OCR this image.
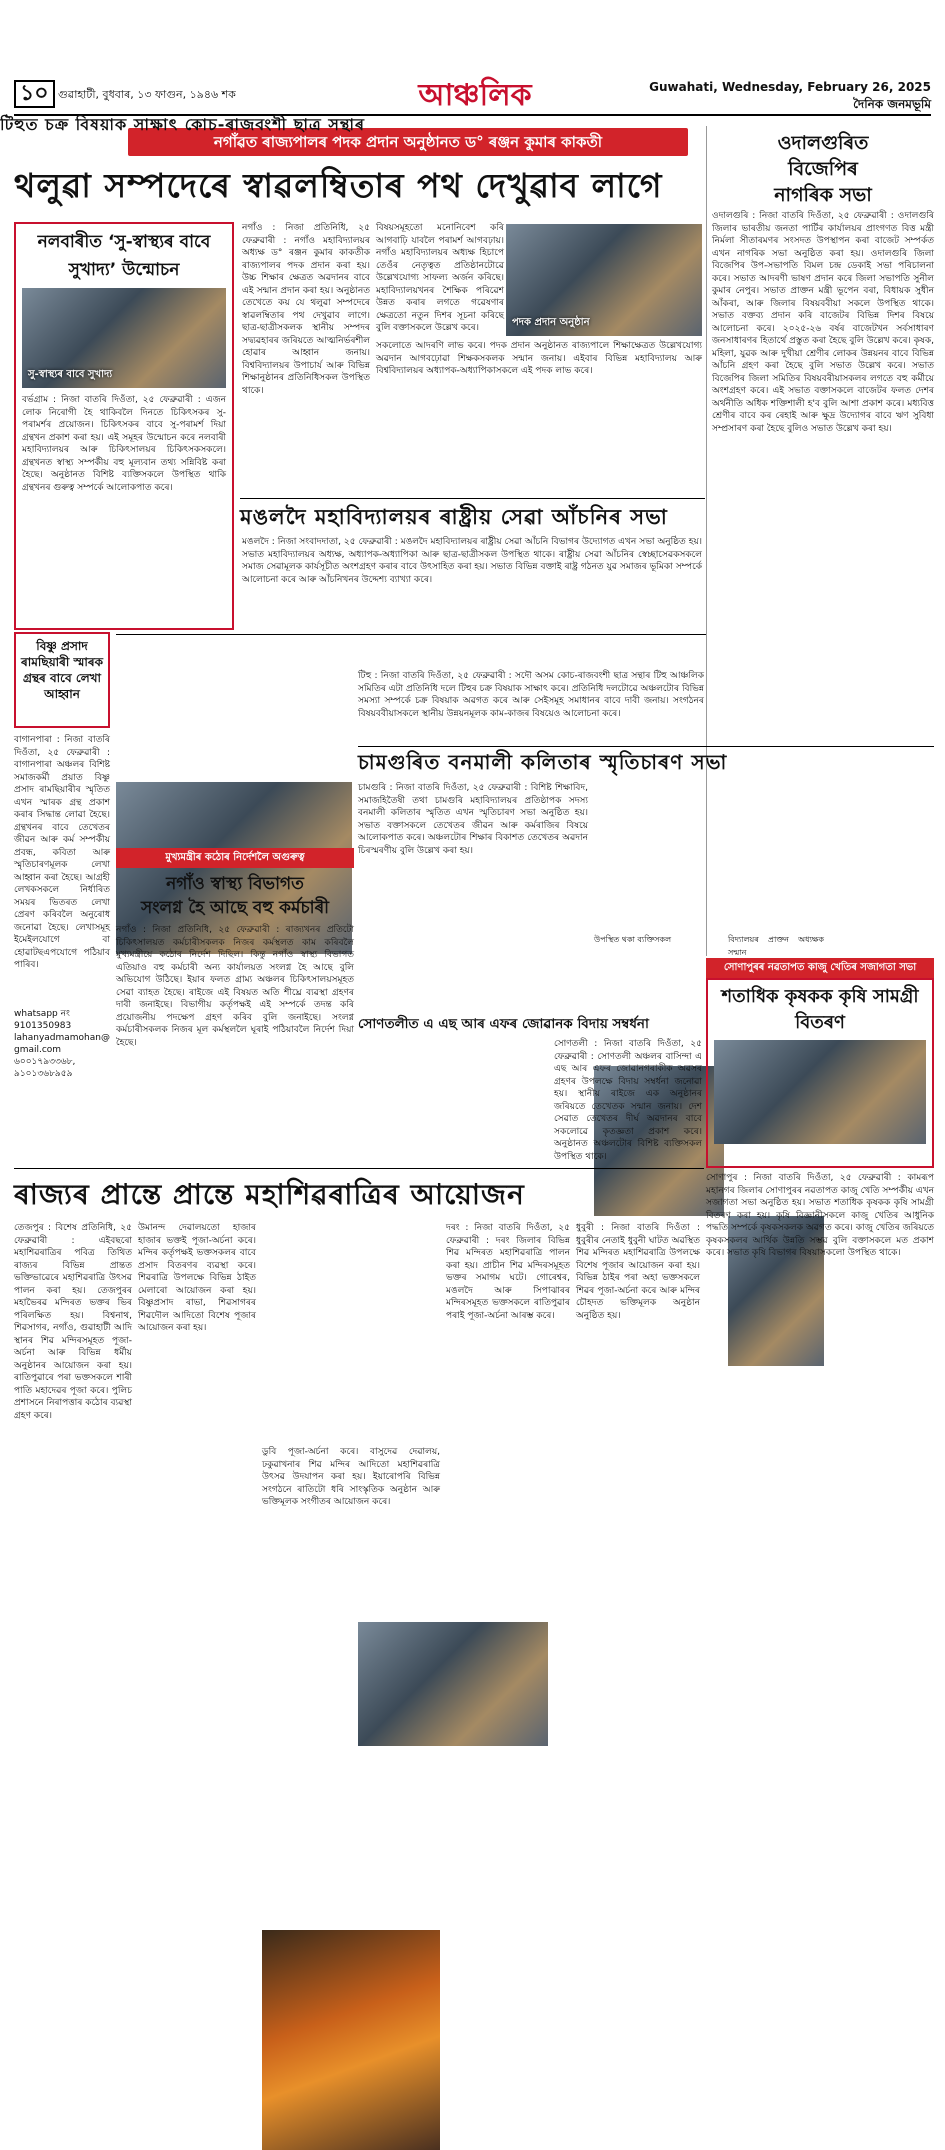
১০ গুৱাহাটী, বুধবাৰ, ১৩ ফাগুন, ১৯৪৬ শক	আঞ্চলিক	Guwahati, Wednesday, February 26, 2025
দৈনিক জনমভূমি
নগাঁৱত ৰাজ্যপালৰ পদক প্ৰদান অনুষ্ঠানত ড° ৰঞ্জন কুমাৰ কাকতী
থলুৱা সম্পদেৰে স্বাৱলম্বিতাৰ পথ দেখুৱাব লাগে
ওদালগুৰিত
বিজেপিৰ
নাগৰিক সভা
ওদালগুৰি : নিজা বাতৰি দিওঁতা, ২৫ ফেব্ৰুৱাৰী : ওদালগুৰি জিলাৰ ভাৰতীয় জনতা পাৰ্টিৰ কাৰ্যালয়ৰ প্ৰাংগণত বিত্ত মন্ত্ৰী নিৰ্মলা সীতাৰমণৰ সংসদত উপস্থাপন কৰা বাজেট সম্পৰ্কত এখন নাগৰিক সভা অনুষ্ঠিত কৰা হয়। ওদালগুৰি জিলা বিজেপিৰ উপ-সভাপতি বিমল চন্দ্ৰ ডেকাই সভা পৰিচালনা কৰে। সভাত আদৰণী ভাষণ প্ৰদান কৰে জিলা সভাপতি সুনীল কুমাৰ নেপুৰ। সভাত প্ৰাক্তন মন্ত্ৰী ভূপেন বৰা, বিধায়ক সুধীন আঁকৰা, আৰু জিলাৰ বিষয়ববীয়া সকলে উপস্থিত থাকে। সভাত বক্তব্য প্ৰদান কৰি বাজেটৰ বিভিন্ন দিশৰ বিষয়ে আলোচনা কৰে। ২০২৫-২৬ বৰ্ষৰ বাজেটখন সৰ্বসাধাৰণ জনসাধাৰণৰ হিতাৰ্থে প্ৰস্তুত কৰা হৈছে বুলি উল্লেখ কৰে। কৃষক, মহিলা, যুৱক আৰু দুখীয়া শ্ৰেণীৰ লোকৰ উন্নয়নৰ বাবে বিভিন্ন আঁচনি গ্ৰহণ কৰা হৈছে বুলি সভাত উল্লেখ কৰে। সভাত বিজেপিৰ জিলা সমিতিৰ বিষয়বৰীয়াসকলৰ লগতে বহু কৰ্মীয়ে অংশগ্ৰহণ কৰে। এই সভাত বক্তাসকলে বাজেটৰ ফলত দেশৰ অৰ্থনীতি অধিক শক্তিশালী হ'ব বুলি আশা প্ৰকাশ কৰে। মধ্যবিত্ত শ্ৰেণীৰ বাবে কৰ ৰেহাই আৰু ক্ষুদ্ৰ উদ্যোগৰ বাবে ঋণ সুবিধা সম্প্ৰসাৰণ কৰা হৈছে বুলিও সভাত উল্লেখ কৰা হয়।
নলবাৰীত ‘সু-স্বাস্থ্যৰ বাবে সুখাদ্য’ উন্মোচন
সু-স্বাস্থ্যৰ বাবে সুখাদ্য
বৰ্ভগ্ৰাম : নিজা বাতৰি দিওঁতা, ২৫ ফেব্ৰুৱাৰী : এজন লোক নিৰোগী হৈ থাকিবলৈ দিনতে চিকিৎসকৰ সু-পৰামৰ্শৰ প্ৰয়োজন। চিকিৎসকৰ বাবে সু-পৰামৰ্শ দিয়া গ্ৰন্থখন প্ৰকাশ কৰা হয়। এই সমূহৰ উন্মোচন কৰে নলবাৰী মহাবিদ্যালয়ৰ আৰু চিকিৎসালয়ৰ চিকিৎসকসকলে। গ্ৰন্থখনত স্বাস্থ্য সম্পৰ্কীয় বহু মূল্যবান তথ্য সন্নিবিষ্ট কৰা হৈছে। অনুষ্ঠানত বিশিষ্ট ব্যক্তিসকলে উপস্থিত থাকি গ্ৰন্থখনৰ গুৰুত্ব সম্পৰ্কে আলোকপাত কৰে।
নগাঁও : নিজা প্ৰতিনিধি, ২৫ ফেব্ৰুৱাৰী : নগাঁও মহাবিদ্যালয়ৰ অধ্যক্ষ ড° ৰঞ্জন কুমাৰ কাকতীক ৰাজ্যপালৰ পদক প্ৰদান কৰা হয়। উচ্চ শিক্ষাৰ ক্ষেত্ৰত অৱদানৰ বাবে এই সন্মান প্ৰদান কৰা হয়। অনুষ্ঠানত তেখেতে কয় যে থলুৱা সম্পদেৰে স্বাৱলম্বিতাৰ পথ দেখুৱাব লাগে। ছাত্ৰ-ছাত্ৰীসকলক স্থানীয় সম্পদৰ সদ্ব্যৱহাৰৰ জৰিয়তে আত্মনিৰ্ভৰশীল হোৱাৰ আহ্বান জনায়। বিশ্ববিদ্যালয়ৰ উপাচাৰ্য আৰু বিভিন্ন শিক্ষানুষ্ঠানৰ প্ৰতিনিধিসকল উপস্থিত থাকে।
বিষয়সমূহতো মনোনিবেশ কৰি আগবাঢ়ি যাবলৈ পৰামৰ্শ আগবঢ়ায়। নগাঁও মহাবিদ্যালয়ৰ অধ্যক্ষ হিচাপে তেওঁৰ নেতৃত্বত প্ৰতিষ্ঠানটোৱে উল্লেখযোগ্য সাফল্য অৰ্জন কৰিছে। মহাবিদ্যালয়খনৰ শৈক্ষিক পৰিৱেশ উন্নত কৰাৰ লগতে গৱেষণাৰ ক্ষেত্ৰতো নতুন দিশৰ সূচনা কৰিছে বুলি বক্তাসকলে উল্লেখ কৰে।	পদক প্ৰদান অনুষ্ঠান
সকলোতে আদৰণি লাভ কৰে। পদক প্ৰদান অনুষ্ঠানত ৰাজ্যপালে শিক্ষাক্ষেত্ৰত উল্লেখযোগ্য অৱদান আগবঢ়োৱা শিক্ষকসকলক সন্মান জনায়। এইবাৰ বিভিন্ন মহাবিদ্যালয় আৰু বিশ্ববিদ্যালয়ৰ অধ্যাপক-অধ্যাপিকাসকলে এই পদক লাভ কৰে।
মঙলদৈ মহাবিদ্যালয়ৰ ৰাষ্ট্ৰীয় সেৱা আঁচনিৰ সভা
মঙলদৈ : নিজা সংবাদদাতা, ২৫ ফেব্ৰুৱাৰী : মঙলদৈ মহাবিদ্যালয়ৰ ৰাষ্ট্ৰীয় সেৱা আঁচনি বিভাগৰ উদ্যোগত এখন সভা অনুষ্ঠিত হয়। সভাত মহাবিদ্যালয়ৰ অধ্যক্ষ, অধ্যাপক-অধ্যাপিকা আৰু ছাত্ৰ-ছাত্ৰীসকল উপস্থিত থাকে। ৰাষ্ট্ৰীয় সেৱা আঁচনিৰ স্বেচ্ছাসেৱকসকলে সমাজ সেৱামূলক কাৰ্যসূচীত অংশগ্ৰহণ কৰাৰ বাবে উৎসাহিত কৰা হয়। সভাত বিভিন্ন বক্তাই ৰাষ্ট্ৰ গঠনত যুৱ সমাজৰ ভূমিকা সম্পৰ্কে আলোচনা কৰে আৰু আঁচনিখনৰ উদ্দেশ্য ব্যাখ্যা কৰে।
টিহুত চক্ৰ বিষয়াক সাক্ষাৎ কোচ-ৰাজবংশী ছাত্ৰ সন্থাৰ
টিহু : নিজা বাতৰি দিওঁতা, ২৫ ফেব্ৰুৱাৰী : সদৌ অসম কোচ-ৰাজবংশী ছাত্ৰ সন্থাৰ টিহু আঞ্চলিক সমিতিৰ এটা প্ৰতিনিধি দলে টিহুৰ চক্ৰ বিষয়াক সাক্ষাৎ কৰে। প্ৰতিনিধি দলটোৱে অঞ্চলটোৰ বিভিন্ন সমস্যা সম্পৰ্কে চক্ৰ বিষয়াক অৱগত কৰে আৰু সেইসমূহ সমাধানৰ বাবে দাবী জনায়। সংগঠনৰ বিষয়ববীয়াসকলে স্থানীয় উন্নয়নমূলক কাম-কাজৰ বিষয়েও আলোচনা কৰে।
বিষ্ণু প্ৰসাদ ৰামছিয়াৰী স্মাৰক গ্ৰন্থৰ বাবে লেখা আহ্বান
বাগানপাৰা : নিজা বাতৰি দিওঁতা, ২৫ ফেব্ৰুৱাৰী : বাগানপাৰা অঞ্চলৰ বিশিষ্ট সমাজকৰ্মী প্ৰয়াত বিষ্ণু প্ৰসাদ ৰামছিয়াৰীৰ স্মৃতিত এখন স্মাৰক গ্ৰন্থ প্ৰকাশ কৰাৰ সিদ্ধান্ত লোৱা হৈছে। গ্ৰন্থখনৰ বাবে তেখেতৰ জীৱন আৰু কৰ্ম সম্পৰ্কীয় প্ৰবন্ধ, কবিতা আৰু স্মৃতিচাৰণমূলক লেখা আহ্বান কৰা হৈছে। আগ্ৰহী লেখকসকলে নিৰ্ধাৰিত সময়ৰ ভিতৰত লেখা প্ৰেৰণ কৰিবলৈ অনুৰোধ জনোৱা হৈছে। লেখাসমূহ ইমেইলযোগে বা হোৱাটছএপযোগে পঠিয়াব পাৰিব।
whatsapp নং 9101350983
lahanyadmamohan@gmail.com
৬০০১৭৯৩৩৬৮, ৯১০১৩৬৮৯৫৯
মুখ্যমন্ত্ৰীৰ কঠোৰ নিৰ্দেশলৈ অগুৰুত্ব
নগাঁও স্বাস্থ্য বিভাগত
সংলগ্ন হৈ আছে বহু কৰ্মচাৰী
নগাঁও : নিজা প্ৰতিনিধি, ২৫ ফেব্ৰুৱাৰী : ৰাজ্যখনৰ প্ৰতিটো চিকিৎসালয়ত কৰ্মচাৰীসকলক নিজৰ কৰ্মস্থলত কাম কৰিবলৈ মুখ্যমন্ত্ৰীয়ে কঠোৰ নিৰ্দেশ দিছিল। কিন্তু নগাঁও স্বাস্থ্য বিভাগত এতিয়াও বহু কৰ্মচাৰী অন্য কাৰ্যালয়ত সংলগ্ন হৈ আছে বুলি অভিযোগ উঠিছে। ইয়াৰ ফলত গ্ৰাম্য অঞ্চলৰ চিকিৎসালয়সমূহত সেৱা ব্যাহত হৈছে। ৰাইজে এই বিষয়ত অতি শীঘ্ৰে ব্যৱস্থা গ্ৰহণৰ দাবী জনাইছে। বিভাগীয় কৰ্তৃপক্ষই এই সম্পৰ্কে তদন্ত কৰি প্ৰয়োজনীয় পদক্ষেপ গ্ৰহণ কৰিব বুলি জনাইছে। সংলগ্ন কৰ্মচাৰীসকলক নিজৰ মূল কৰ্মস্থললৈ ঘূৰাই পঠিয়াবলৈ নিৰ্দেশ দিয়া হৈছে।
চামগুৰিত বনমালী কলিতাৰ স্মৃতিচাৰণ সভা
চামগুৰি : নিজা বাতৰি দিওঁতা, ২৫ ফেব্ৰুৱাৰী : বিশিষ্ট শিক্ষাবিদ, সমাজহিতৈষী তথা চামগুৰি মহাবিদ্যালয়ৰ প্ৰতিষ্ঠাপক সদস্য বনমালী কলিতাৰ স্মৃতিত এখন স্মৃতিচাৰণ সভা অনুষ্ঠিত হয়। সভাত বক্তাসকলে তেখেতৰ জীৱন আৰু কৰ্মৰাজিৰ বিষয়ে আলোকপাত কৰে। অঞ্চলটোৰ শিক্ষাৰ বিকাশত তেখেতৰ অৱদান চিৰস্মৰণীয় বুলি উল্লেখ কৰা হয়।
উপস্থিত থকা ব্যক্তিসকল	বিদ্যালয়ৰ প্ৰাক্তন অধ্যক্ষক সন্মান
সোণতলীত এ এছ আৰ এফৰ জোৱানক বিদায় সম্বৰ্ধনা
সোণতলী : নিজা বাতৰি দিওঁতা, ২৫ ফেব্ৰুৱাৰী : সোণতলী অঞ্চলৰ বাসিন্দা এ এছ আৰ এফৰ জোৱানগৰাকীক অৱসৰ গ্ৰহণৰ উপলক্ষে বিদায় সম্বৰ্ধনা জনোৱা হয়। স্থানীয় ৰাইজে এক অনুষ্ঠানৰ জৰিয়তে তেখেতক সন্মান জনায়। দেশ সেৱাত তেখেতৰ দীৰ্ঘ অৱদানৰ বাবে সকলোৱে কৃতজ্ঞতা প্ৰকাশ কৰে। অনুষ্ঠানত অঞ্চলটোৰ বিশিষ্ট ব্যক্তিসকল উপস্থিত থাকে।
সোণাপুৰৰ নৱতাপত কাজু খেতিৰ সজাগতা সভা
শতাধিক কৃষকক কৃষি সামগ্ৰী বিতৰণ
সোণাপুৰ : নিজা বাতৰি দিওঁতা, ২৫ ফেব্ৰুৱাৰী : কামৰূপ মহানগৰ জিলাৰ সোণাপুৰৰ নৱতাপত কাজু খেতি সম্পৰ্কীয় এখন সজাগতা সভা অনুষ্ঠিত হয়। সভাত শতাধিক কৃষকক কৃষি সামগ্ৰী বিতৰণ কৰা হয়। কৃষি বিজ্ঞানীসকলে কাজু খেতিৰ আধুনিক পদ্ধতি সম্পৰ্কে কৃষকসকলক অৱগত কৰে। কাজু খেতিৰ জৰিয়তে কৃষকসকলৰ আৰ্থিক উন্নতি সম্ভৱ বুলি বক্তাসকলে মত প্ৰকাশ কৰে। সভাত কৃষি বিভাগৰ বিষয়াসকলো উপস্থিত থাকে।
ৰাজ্যৰ প্ৰান্তে প্ৰান্তে মহাশিৱৰাত্ৰিৰ আয়োজন
তেজপুৰ : বিশেষ প্ৰতিনিধি, ২৫ ফেব্ৰুৱাৰী : এইবছৰো মহাশিৱৰাত্ৰিৰ পবিত্ৰ তিথিত ৰাজ্যৰ বিভিন্ন প্ৰান্তত ভক্তিভাৱেৰে মহাশিৱৰাত্ৰি উৎসৱ পালন কৰা হয়। তেজপুৰৰ মহাভৈৰৱ মন্দিৰত ভক্তৰ ভিৰ পৰিলক্ষিত হয়। বিশ্বনাথ, শিৱসাগৰ, নগাঁও, গুৱাহাটী আদি স্থানৰ শিৱ মন্দিৰসমূহত পূজা-অৰ্চনা আৰু বিভিন্ন ধৰ্মীয় অনুষ্ঠানৰ আয়োজন কৰা হয়। ৰাতিপুৱাৰে পৰা ভক্তসকলে শাৰী পাতি মহাদেৱৰ পূজা কৰে। পুলিচ প্ৰশাসনে নিৰাপত্তাৰ কঠোৰ ব্যৱস্থা গ্ৰহণ কৰে।
উমানন্দ দেৱালয়তো হাজাৰ হাজাৰ ভক্তই পূজা-অৰ্চনা কৰে। মন্দিৰ কৰ্তৃপক্ষই ভক্তসকলৰ বাবে প্ৰসাদ বিতৰণৰ ব্যৱস্থা কৰে। শিৱৰাত্ৰি উপলক্ষে বিভিন্ন ঠাইত মেলাৰো আয়োজন কৰা হয়। বিষ্ণুপ্ৰসাদ ৰাভা, শিৱসাগৰৰ শিৱদৌল আদিতো বিশেষ পূজাৰ আয়োজন কৰা হয়।
ডুবি পূজা-অৰ্চনা কৰে। বাসুদেৱ দেৱালয়, ঢকুৱাখনাৰ শিৱ মন্দিৰ আদিতো মহাশিৱৰাত্ৰি উৎসৱ উদযাপন কৰা হয়। ইয়াৰোপৰি বিভিন্ন সংগঠনে ৰাতিটো ধৰি সাংস্কৃতিক অনুষ্ঠান আৰু ভক্তিমূলক সংগীতৰ আয়োজন কৰে।
দৰং : নিজা বাতৰি দিওঁতা, ২৫ ফেব্ৰুৱাৰী : দৰং জিলাৰ বিভিন্ন শিৱ মন্দিৰত মহাশিৱৰাত্ৰি পালন কৰা হয়। প্ৰাচীন শিৱ মন্দিৰসমূহত ভক্তৰ সমাগম ঘটে। গোৰেশ্বৰ, মঙলদৈ আৰু সিপাঝাৰৰ মন্দিৰসমূহত ভক্তসকলে ৰাতিপুৱাৰ পৰাই পূজা-অৰ্চনা আৰম্ভ কৰে।
ধুবুৰী : নিজা বাতৰি দিওঁতা : ধুবুৰীৰ নেতাই ধুবুনী ঘাটত অৱস্থিত শিৱ মন্দিৰত মহাশিৱৰাত্ৰি উপলক্ষে বিশেষ পূজাৰ আয়োজন কৰা হয়। বিভিন্ন ঠাইৰ পৰা অহা ভক্তসকলে শিৱৰ পূজা-অৰ্চনা কৰে আৰু মন্দিৰ চৌহদত ভক্তিমূলক অনুষ্ঠান অনুষ্ঠিত হয়।
